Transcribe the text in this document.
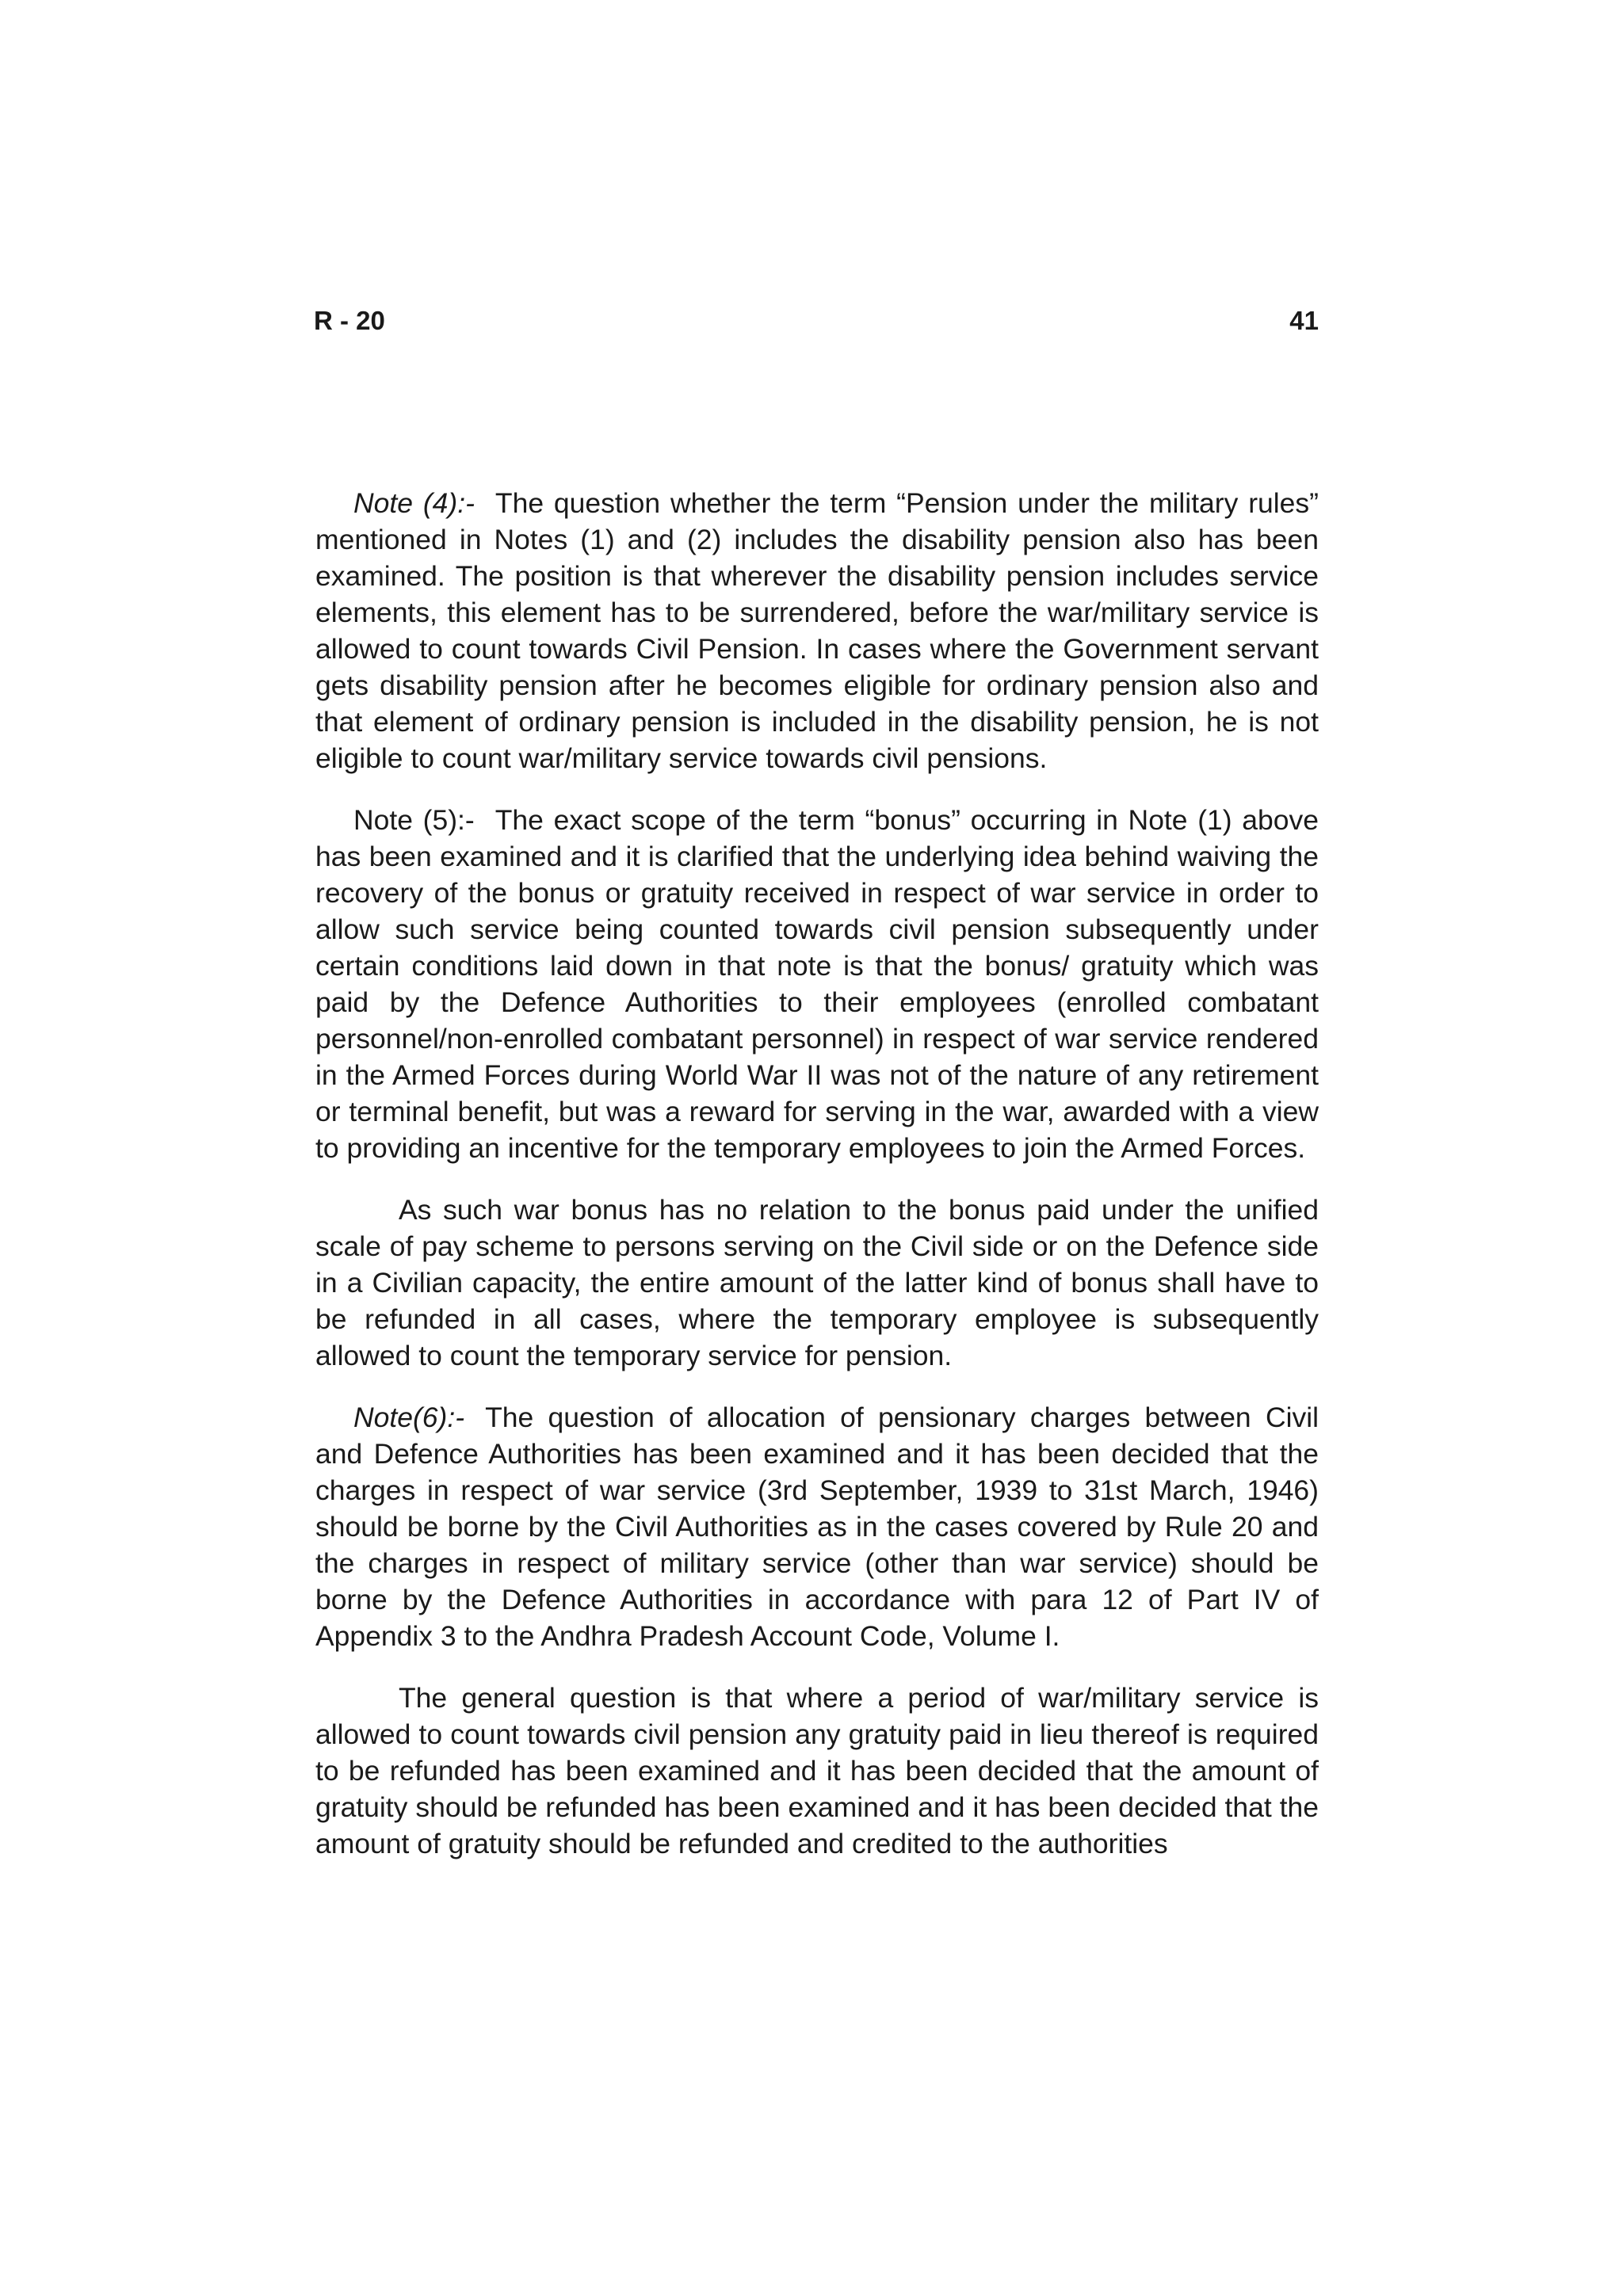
R - 20	41

Note (4):- The question whether the term “Pension under the military rules” mentioned in Notes (1) and (2) includes the disability pension also has been examined. The position is that wherever the disability pension includes service elements, this element has to be surrendered, before the war/military service is allowed to count towards Civil Pension. In cases where the Government servant gets disability pension after he becomes eligible for ordinary pension also and that element of ordinary pension is included in the disability pension, he is not eligible to count war/military service towards civil pensions.

Note (5):- The exact scope of the term “bonus” occurring in Note (1) above has been examined and it is clarified that the underlying idea behind waiving the recovery of the bonus or gratuity received in respect of war service in order to allow such service being counted towards civil pension subsequently under certain conditions laid down in that note is that the bonus/ gratuity which was paid by the Defence Authorities to their employees (enrolled combatant personnel/non-enrolled combatant personnel) in respect of war service rendered in the Armed Forces during World War II was not of the nature of any retirement or terminal benefit, but was a reward for serving in the war, awarded with a view to providing an incentive for the temporary employees to join the Armed Forces.

As such war bonus has no relation to the bonus paid under the unified scale of pay scheme to persons serving on the Civil side or on the Defence side in a Civilian capacity, the entire amount of the latter kind of bonus shall have to be refunded in all cases, where the temporary employee is subsequently allowed to count the temporary service for pension.

Note(6):- The question of allocation of pensionary charges between Civil and Defence Authorities has been examined and it has been decided that the charges in respect of war service (3rd September, 1939 to 31st March, 1946) should be borne by the Civil Authorities as in the cases covered by Rule 20 and the charges in respect of military service (other than war service) should be borne by the Defence Authorities in accordance with para 12 of Part IV of Appendix 3 to the Andhra Pradesh Account Code, Volume I.

The general question is that where a period of war/military service is allowed to count towards civil pension any gratuity paid in lieu thereof is required to be refunded has been examined and it has been decided that the amount of gratuity should be refunded has been examined and it has been decided that the amount of gratuity should be refunded and credited to the authorities
